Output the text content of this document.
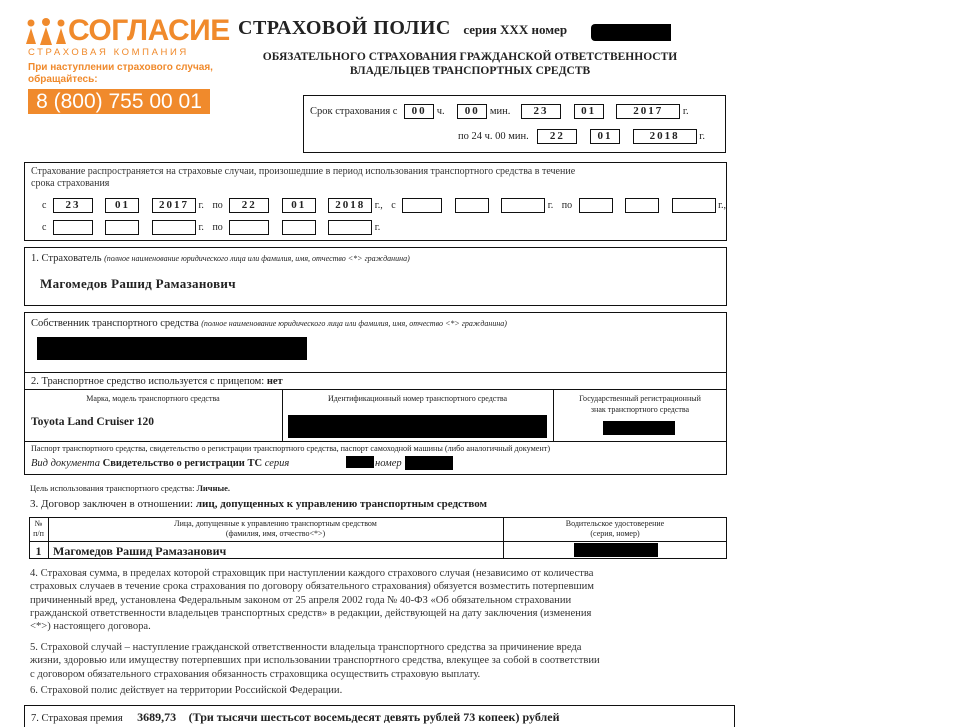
СОГЛАСИЕ
СТРАХОВАЯ КОМПАНИЯ
При наступлении страхового случая,
обращайтесь:
8 (800) 755 00 01
СТРАХОВОЙ ПОЛИС серия XXX номер
ОБЯЗАТЕЛЬНОГО СТРАХОВАНИЯ ГРАЖДАНСКОЙ ОТВЕТСТВЕННОСТИ
ВЛАДЕЛЬЦЕВ ТРАНСПОРТНЫХ СРЕДСТВ
Срок страхования с 00 ч. 00 мин. 23	01	2017 г.
по 24 ч. 00 мин. 22	01	2018 г.
Страхование распространяется на страховые случаи, произошедшие в период использования транспортного средства в течение
срока страхования
с 23	01	2017 г. по 22	01	2018 г., с	г. по	г.,
с	г. по	г.
1. Страхователь (полное наименование юридического лица или фамилия, имя, отчество <*> гражданина)
Магомедов Рашид Рамазанович
Собственник транспортного средства (полное наименование юридического лица или фамилия, имя, отчество <*> гражданина)
2. Транспортное средство используется с прицепом: нет
Марка, модель транспортного средства	Идентификационный номер транспортного средства	Государственный регистрационный
знак транспортного средства
Toyota Land Cruiser 120
Паспорт транспортного средства, свидетельство о регистрации транспортного средства, паспорт самоходной машины (либо аналогичный документ)
Вид документа Свидетельство о регистрации ТС серия	номер
Цель использования транспортного средства: Личные.
3. Договор заключен в отношении: лиц, допущенных к управлению транспортным средством
№
п/п
Лица, допущенные к управлению транспортным средством
(фамилия, имя, отчество<*>)
Водительское удостоверение
(серия, номер)
1 Магомедов Рашид Рамазанович
4. Страховая сумма, в пределах которой страховщик при наступлении каждого страхового случая (независимо от количества
страховых случаев в течение срока страхования по договору обязательного страхования) обязуется возместить потерпевшим
причиненный вред, установлена Федеральным законом от 25 апреля 2002 года № 40-ФЗ «Об обязательном страховании
гражданской ответственности владельцев транспортных средств» в редакции, действующей на дату заключения (изменения
<*>) настоящего договора.
5. Страховой случай – наступление гражданской ответственности владельца транспортного средства за причинение вреда
жизни, здоровью или имуществу потерпевших при использовании транспортного средства, влекущее за собой в соответствии
с договором обязательного страхования обязанность страховщика осуществить страховую выплату.
6. Страховой полис действует на территории Российской Федерации.
7. Страховая премия 3689,73 (Три тысячи шестьсот восемьдесят девять рублей 73 копеек) рублей
